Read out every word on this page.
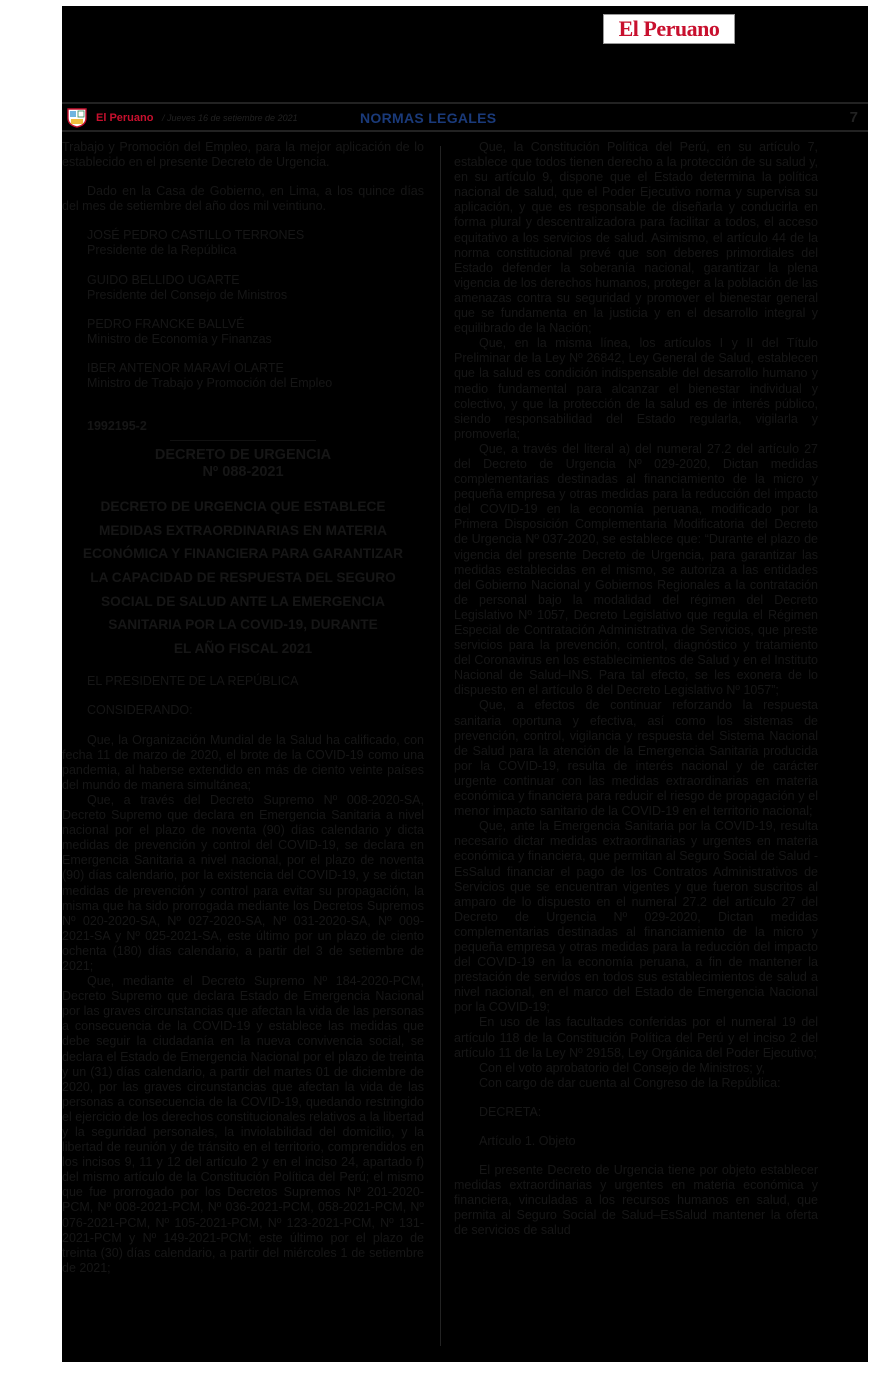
El Peruano
El Peruano / Jueves 16 de setiembre de 2021	NORMAS LEGALES	7

Trabajo y Promoción del Empleo, para la mejor aplicación de lo establecido en el presente Decreto de Urgencia.

Dado en la Casa de Gobierno, en Lima, a los quince días del mes de setiembre del año dos mil veintiuno.

JOSÉ PEDRO CASTILLO TERRONES
Presidente de la República
GUIDO BELLIDO UGARTE
Presidente del Consejo de Ministros
PEDRO FRANCKE BALLVÉ
Ministro de Economía y Finanzas
IBER ANTENOR MARAVÍ OLARTE
Ministro de Trabajo y Promoción del Empleo
1992195-2
DECRETO DE URGENCIA
Nº 088-2021
DECRETO DE URGENCIA QUE ESTABLECE
MEDIDAS EXTRAORDINARIAS EN MATERIA
ECONÓMICA Y FINANCIERA PARA GARANTIZAR
LA CAPACIDAD DE RESPUESTA DEL SEGURO
SOCIAL DE SALUD ANTE LA EMERGENCIA
SANITARIA POR LA COVID-19, DURANTE
EL AÑO FISCAL 2021
EL PRESIDENTE DE LA REPÚBLICA
CONSIDERANDO:

Que, la Organización Mundial de la Salud ha calificado, con fecha 11 de marzo de 2020, el brote de la COVID-19 como una pandemia, al haberse extendido en más de ciento veinte países del mundo de manera simultánea;

Que, a través del Decreto Supremo Nº 008-2020-SA, Decreto Supremo que declara en Emergencia Sanitaria a nivel nacional por el plazo de noventa (90) días calendario y dicta medidas de prevención y control del COVID-19, se declara en Emergencia Sanitaria a nivel nacional, por el plazo de noventa (90) días calendario, por la existencia del COVID-19, y se dictan medidas de prevención y control para evitar su propagación, la misma que ha sido prorrogada mediante los Decretos Supremos Nº 020-2020-SA, Nº 027-2020-SA, Nº 031-2020-SA, Nº 009-2021-SA y Nº 025-2021-SA, este último por un plazo de ciento ochenta (180) días calendario, a partir del 3 de setiembre de 2021;

Que, mediante el Decreto Supremo Nº 184-2020-PCM, Decreto Supremo que declara Estado de Emergencia Nacional por las graves circunstancias que afectan la vida de las personas a consecuencia de la COVID-19 y establece las medidas que debe seguir la ciudadanía en la nueva convivencia social, se declara el Estado de Emergencia Nacional por el plazo de treinta y un (31) días calendario, a partir del martes 01 de diciembre de 2020, por las graves circunstancias que afectan la vida de las personas a consecuencia de la COVID-19, quedando restringido el ejercicio de los derechos constitucionales relativos a la libertad y la seguridad personales, la inviolabilidad del domicilio, y la libertad de reunión y de tránsito en el territorio, comprendidos en los incisos 9, 11 y 12 del artículo 2 y en el inciso 24, apartado f) del mismo artículo de la Constitución Política del Perú; el mismo que fue prorrogado por los Decretos Supremos Nº 201-2020-PCM, Nº 008-2021-PCM, Nº 036-2021-PCM, 058-2021-PCM, Nº 076-2021-PCM, Nº 105-2021-PCM, Nº 123-2021-PCM, Nº 131-2021-PCM y Nº 149-2021-PCM; este último por el plazo de treinta (30) días calendario, a partir del miércoles 1 de setiembre de 2021;

Que, la Constitución Política del Perú, en su artículo 7, establece que todos tienen derecho a la protección de su salud y, en su artículo 9, dispone que el Estado determina la política nacional de salud, que el Poder Ejecutivo norma y supervisa su aplicación, y que es responsable de diseñarla y conducirla en forma plural y descentralizadora para facilitar a todos, el acceso equitativo a los servicios de salud. Asimismo, el artículo 44 de la norma constitucional prevé que son deberes primordiales del Estado defender la soberanía nacional, garantizar la plena vigencia de los derechos humanos, proteger a la población de las amenazas contra su seguridad y promover el bienestar general que se fundamenta en la justicia y en el desarrollo integral y equilibrado de la Nación;

Que, en la misma línea, los artículos I y II del Título Preliminar de la Ley Nº 26842, Ley General de Salud, establecen que la salud es condición indispensable del desarrollo humano y medio fundamental para alcanzar el bienestar individual y colectivo, y que la protección de la salud es de interés público, siendo responsabilidad del Estado regularla, vigilarla y promoverla;

Que, a través del literal a) del numeral 27.2 del artículo 27 del Decreto de Urgencia Nº 029-2020, Dictan medidas complementarias destinadas al financiamiento de la micro y pequeña empresa y otras medidas para la reducción del impacto del COVID-19 en la economía peruana, modificado por la Primera Disposición Complementaria Modificatoria del Decreto de Urgencia Nº 037-2020, se establece que: “Durante el plazo de vigencia del presente Decreto de Urgencia, para garantizar las medidas establecidas en el mismo, se autoriza a las entidades del Gobierno Nacional y Gobiernos Regionales a la contratación de personal bajo la modalidad del régimen del Decreto Legislativo Nº 1057, Decreto Legislativo que regula el Régimen Especial de Contratación Administrativa de Servicios, que preste servicios para la prevención, control, diagnóstico y tratamiento del Coronavirus en los establecimientos de Salud y en el Instituto Nacional de Salud–INS. Para tal efecto, se les exonera de lo dispuesto en el artículo 8 del Decreto Legislativo Nº 1057”;

Que, a efectos de continuar reforzando la respuesta sanitaria oportuna y efectiva, así como los sistemas de prevención, control, vigilancia y respuesta del Sistema Nacional de Salud para la atención de la Emergencia Sanitaria producida por la COVID-19, resulta de interés nacional y de carácter urgente continuar con las medidas extraordinarias en materia económica y financiera para reducir el riesgo de propagación y el menor impacto sanitario de la COVID-19 en el territorio nacional;

Que, ante la Emergencia Sanitaria por la COVID-19, resulta necesario dictar medidas extraordinarias y urgentes en materia económica y financiera, que permitan al Seguro Social de Salud - EsSalud financiar el pago de los Contratos Administrativos de Servicios que se encuentran vigentes y que fueron suscritos al amparo de lo dispuesto en el numeral 27.2 del artículo 27 del Decreto de Urgencia Nº 029-2020, Dictan medidas complementarias destinadas al financiamiento de la micro y pequeña empresa y otras medidas para la reducción del impacto del COVID-19 en la economía peruana, a fin de mantener la prestación de servidos en todos sus establecimientos de salud a nivel nacional, en el marco del Estado de Emergencia Nacional por la COVID-19;

En uso de las facultades conferidas por el numeral 19 del artículo 118 de la Constitución Política del Perú y el inciso 2 del artículo 11 de la Ley Nº 29158, Ley Orgánica del Poder Ejecutivo;

Con el voto aprobatorio del Consejo de Ministros; y,

Con cargo de dar cuenta al Congreso de la República:

DECRETA:
Artículo 1. Objeto

El presente Decreto de Urgencia tiene por objeto establecer medidas extraordinarias y urgentes en materia económica y financiera, vinculadas a los recursos humanos en salud, que permita al Seguro Social de Salud–EsSalud mantener la oferta de servicios de salud
